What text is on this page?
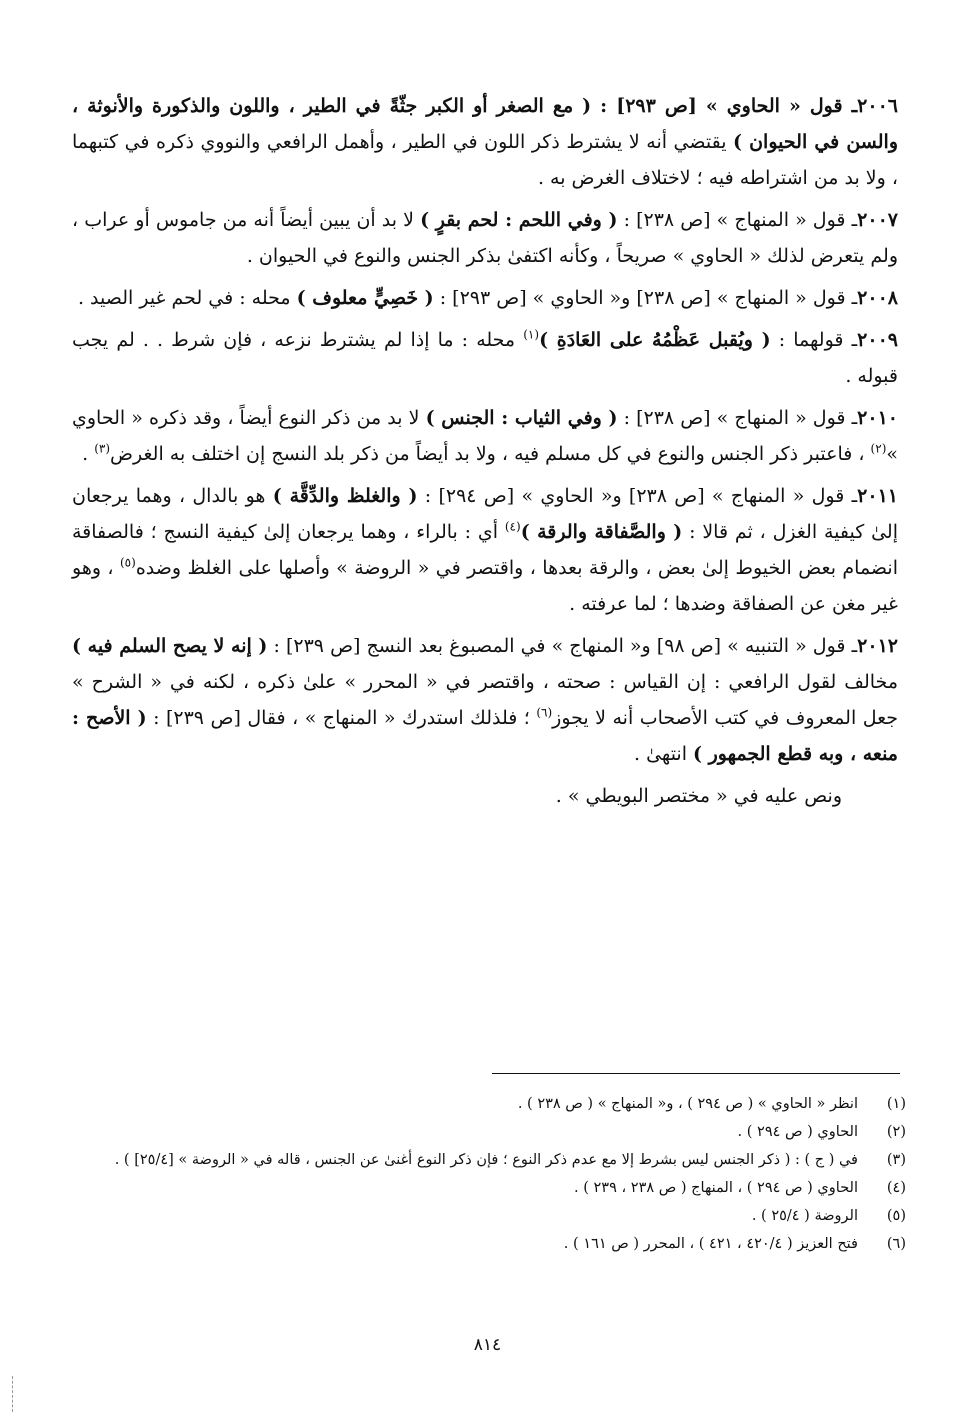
٢٠٠٦ـ قول « الحاوي » [ص ٢٩٣] : ( مع الصغر أو الكبر جثّةً في الطير ، واللون والذكورة والأنوثة ، والسن في الحيوان ) يقتضي أنه لا يشترط ذكر اللون في الطير ، وأهمل الرافعي والنووي ذكره في كتبهما ، ولا بد من اشتراطه فيه ؛ لاختلاف الغرض به .

٢٠٠٧ـ قول « المنهاج » [ص ٢٣٨] : ( وفي اللحم : لحم بقرٍ ) لا بد أن يبين أيضاً أنه من جاموس أو عراب ، ولم يتعرض لذلك « الحاوي » صريحاً ، وكأنه اكتفىٰ بذكر الجنس والنوع في الحيوان .

٢٠٠٨ـ قول « المنهاج » [ص ٢٣٨] و« الحاوي » [ص ٢٩٣] : ( خَصِيٍّ معلوف ) محله : في لحم غير الصيد .

٢٠٠٩ـ قولهما : ( ويُقبل عَظْمُهُ على العَادَةِ )$^{(١)}$ محله : ما إذا لم يشترط نزعه ، فإن شرط . . لم يجب قبوله .

٢٠١٠ـ قول « المنهاج » [ص ٢٣٨] : ( وفي الثياب : الجنس ) لا بد من ذكر النوع أيضاً ، وقد ذكره « الحاوي »$^{(٢)}$ ، فاعتبر ذكر الجنس والنوع في كل مسلم فيه ، ولا بد أيضاً من ذكر بلد النسج إن اختلف به الغرض$^{(٣)}$ .

٢٠١١ـ قول « المنهاج » [ص ٢٣٨] و« الحاوي » [ص ٢٩٤] : ( والغلظ والدِّقَّة ) هو بالدال ، وهما يرجعان إلىٰ كيفية الغزل ، ثم قالا : ( والصَّفاقة والرقة )$^{(٤)}$ أي : بالراء ، وهما يرجعان إلىٰ كيفية النسج ؛ فالصفاقة انضمام بعض الخيوط إلىٰ بعض ، والرقة بعدها ، واقتصر في « الروضة » وأصلها على الغلظ وضده$^{(٥)}$ ، وهو غير مغن عن الصفاقة وضدها ؛ لما عرفته .

٢٠١٢ـ قول « التنبيه » [ص ٩٨] و« المنهاج » في المصبوغ بعد النسج [ص ٢٣٩] : ( إنه لا يصح السلم فيه ) مخالف لقول الرافعي : إن القياس : صحته ، واقتصر في « المحرر » علىٰ ذكره ، لكنه في « الشرح » جعل المعروف في كتب الأصحاب أنه لا يجوز$^{(٦)}$ ؛ فلذلك استدرك « المنهاج » ، فقال [ص ٢٣٩] : ( الأصح : منعه ، وبه قطع الجمهور ) انتهىٰ .

ونص عليه في « مختصر البويطي » .

(١)
انظر « الحاوي » ( ص ٢٩٤ ) ، و« المنهاج » ( ص ٢٣٨ ) .
(٢)
الحاوي ( ص ٢٩٤ ) .
(٣)
في ( ج ) : ( ذكر الجنس ليس بشرط إلا مع عدم ذكر النوع ؛ فإن ذكر النوع أغنىٰ عن الجنس ، قاله في « الروضة » [٢٥/٤] ) .
(٤)
الحاوي ( ص ٢٩٤ ) ، المنهاج ( ص ٢٣٨ ، ٢٣٩ ) .
(٥)
الروضة ( ٢٥/٤ ) .
(٦)
فتح العزيز ( ٤٢٠/٤ ، ٤٢١ ) ، المحرر ( ص ١٦١ ) .
٨١٤
